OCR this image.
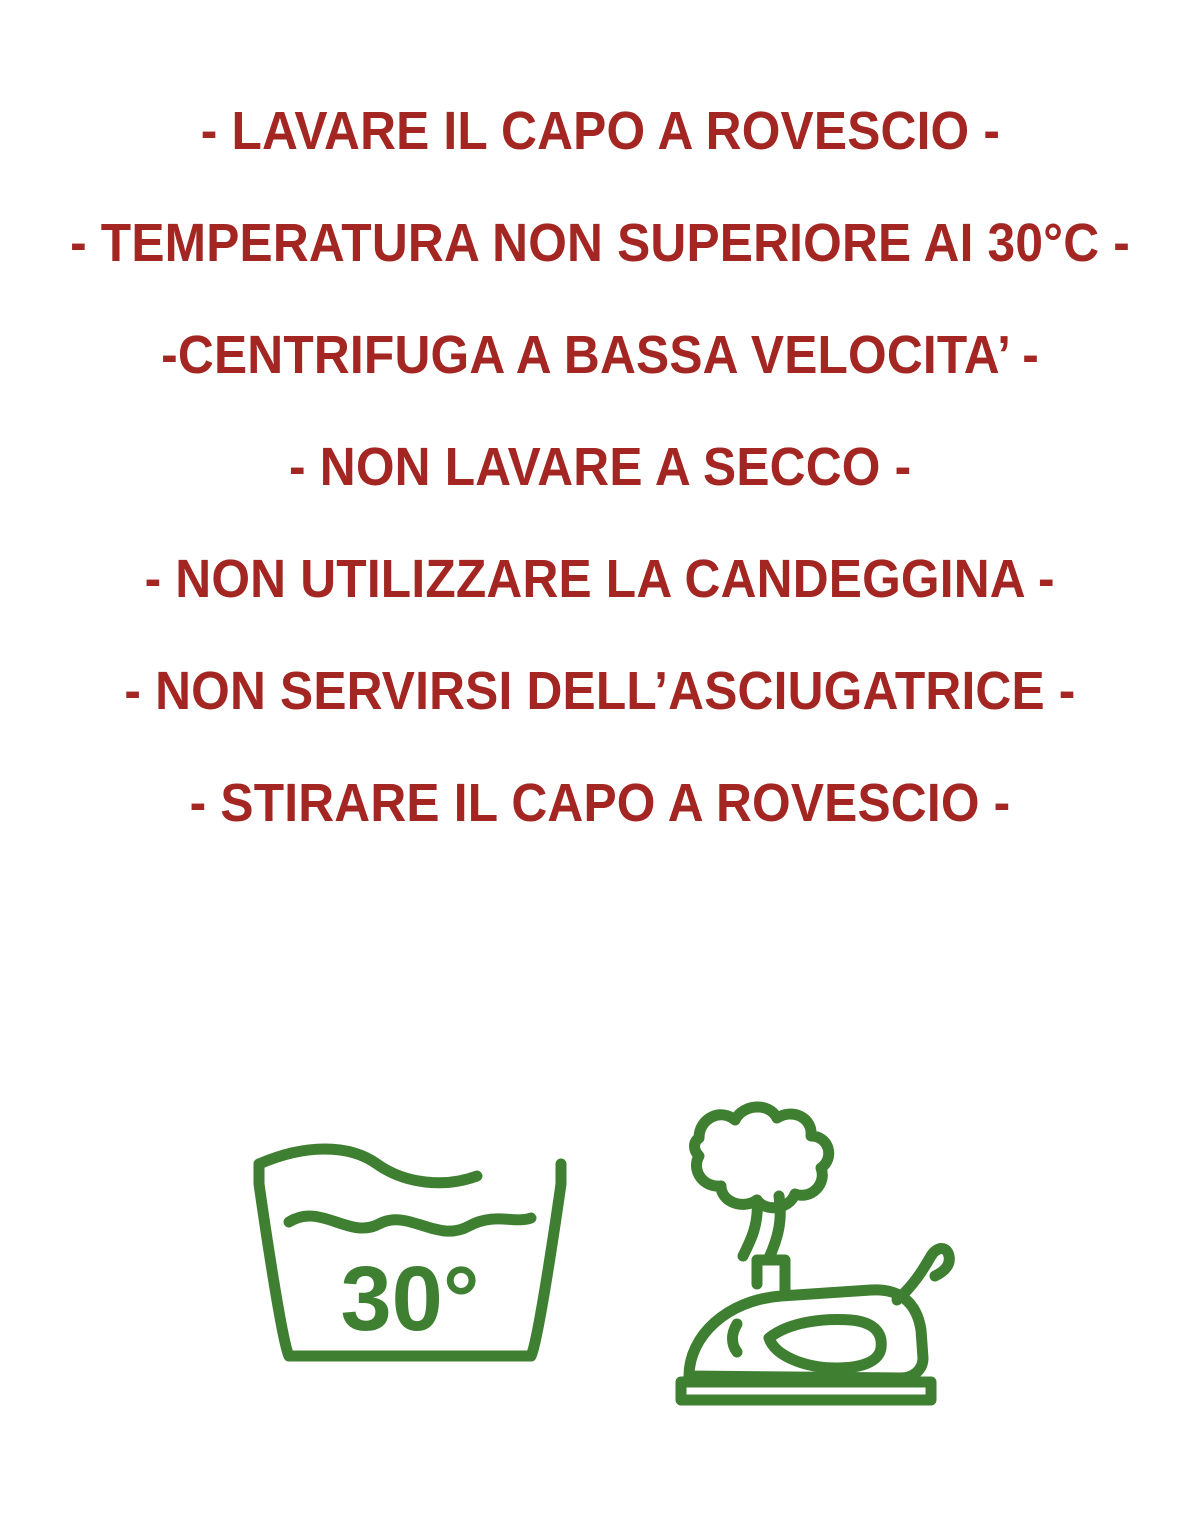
- LAVARE IL CAPO A ROVESCIO -
- TEMPERATURA NON SUPERIORE AI 30°C -
-CENTRIFUGA A BASSA VELOCITA’ -
- NON LAVARE A SECCO -
- NON UTILIZZARE LA CANDEGGINA -
- NON SERVIRSI DELL’ASCIUGATRICE -
- STIRARE IL CAPO A ROVESCIO -
30°
